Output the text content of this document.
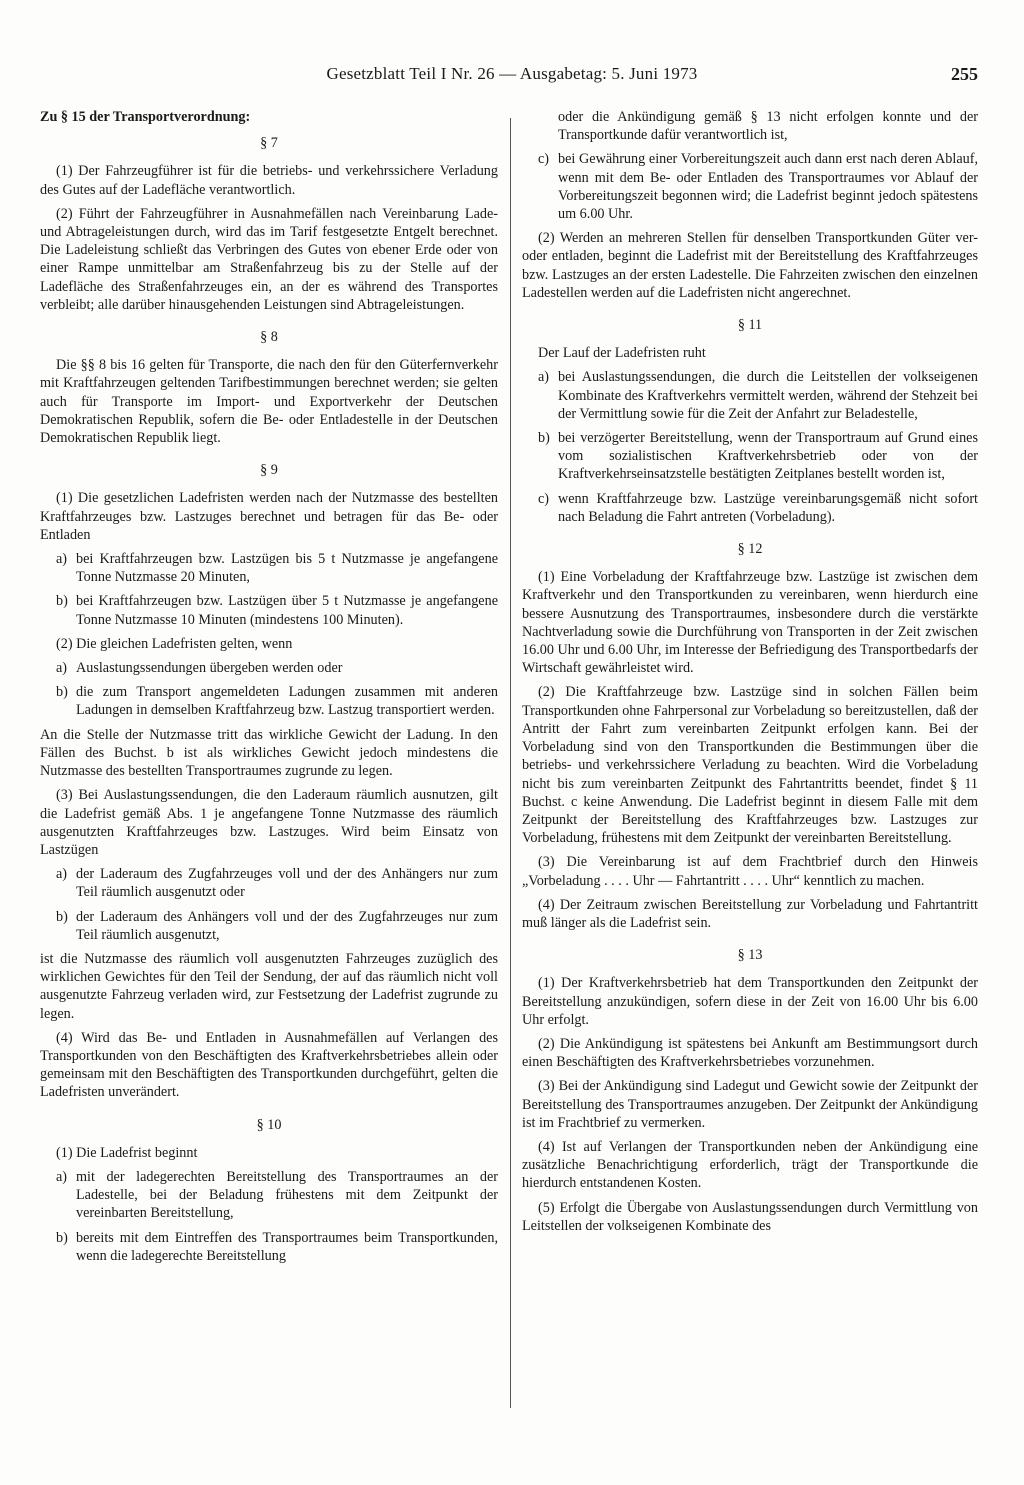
Gesetzblatt Teil I Nr. 26 — Ausgabetag: 5. Juni 1973	255

Zu § 15 der Transportverordnung:

§ 7

(1) Der Fahrzeugführer ist für die betriebs- und verkehrssichere Verladung des Gutes auf der Ladefläche verantwortlich.

(2) Führt der Fahrzeugführer in Ausnahmefällen nach Vereinbarung Lade- und Abtrageleistungen durch, wird das im Tarif festgesetzte Entgelt berechnet. Die Ladeleistung schließt das Verbringen des Gutes von ebener Erde oder von einer Rampe unmittelbar am Straßenfahrzeug bis zu der Stelle auf der Ladefläche des Straßenfahrzeuges ein, an der es während des Transportes verbleibt; alle darüber hinausgehenden Leistungen sind Abtrageleistungen.

§ 8

Die §§ 8 bis 16 gelten für Transporte, die nach den für den Güterfernverkehr mit Kraftfahrzeugen geltenden Tarifbestimmungen berechnet werden; sie gelten auch für Transporte im Import- und Exportverkehr der Deutschen Demokratischen Republik, sofern die Be- oder Entladestelle in der Deutschen Demokratischen Republik liegt.

§ 9

(1) Die gesetzlichen Ladefristen werden nach der Nutzmasse des bestellten Kraftfahrzeuges bzw. Lastzuges berechnet und betragen für das Be- oder Entladen

a) bei Kraftfahrzeugen bzw. Lastzügen bis 5 t Nutzmasse je angefangene Tonne Nutzmasse 20 Minuten,
b) bei Kraftfahrzeugen bzw. Lastzügen über 5 t Nutzmasse je angefangene Tonne Nutzmasse 10 Minuten (mindestens 100 Minuten).

(2) Die gleichen Ladefristen gelten, wenn

a) Auslastungssendungen übergeben werden oder
b) die zum Transport angemeldeten Ladungen zusammen mit anderen Ladungen in demselben Kraftfahrzeug bzw. Lastzug transportiert werden.

An die Stelle der Nutzmasse tritt das wirkliche Gewicht der Ladung. In den Fällen des Buchst. b ist als wirkliches Gewicht jedoch mindestens die Nutzmasse des bestellten Transportraumes zugrunde zu legen.

(3) Bei Auslastungssendungen, die den Laderaum räumlich ausnutzen, gilt die Ladefrist gemäß Abs. 1 je angefangene Tonne Nutzmasse des räumlich ausgenutzten Kraftfahrzeuges bzw. Lastzuges. Wird beim Einsatz von Lastzügen

a) der Laderaum des Zugfahrzeuges voll und der des Anhängers nur zum Teil räumlich ausgenutzt oder
b) der Laderaum des Anhängers voll und der des Zugfahrzeuges nur zum Teil räumlich ausgenutzt,

ist die Nutzmasse des räumlich voll ausgenutzten Fahrzeuges zuzüglich des wirklichen Gewichtes für den Teil der Sendung, der auf das räumlich nicht voll ausgenutzte Fahrzeug verladen wird, zur Festsetzung der Ladefrist zugrunde zu legen.

(4) Wird das Be- und Entladen in Ausnahmefällen auf Verlangen des Transportkunden von den Beschäftigten des Kraftverkehrsbetriebes allein oder gemeinsam mit den Beschäftigten des Transportkunden durchgeführt, gelten die Ladefristen unverändert.

§ 10

(1) Die Ladefrist beginnt

a) mit der ladegerechten Bereitstellung des Transportraumes an der Ladestelle, bei der Beladung frühestens mit dem Zeitpunkt der vereinbarten Bereitstellung,
b) bereits mit dem Eintreffen des Transportraumes beim Transportkunden, wenn die ladegerechte Bereitstellung
oder die Ankündigung gemäß § 13 nicht erfolgen konnte und der Transportkunde dafür verantwortlich ist,
c) bei Gewährung einer Vorbereitungszeit auch dann erst nach deren Ablauf, wenn mit dem Be- oder Entladen des Transportraumes vor Ablauf der Vorbereitungszeit begonnen wird; die Ladefrist beginnt jedoch spätestens um 6.00 Uhr.

(2) Werden an mehreren Stellen für denselben Transportkunden Güter ver- oder entladen, beginnt die Ladefrist mit der Bereitstellung des Kraftfahrzeuges bzw. Lastzuges an der ersten Ladestelle. Die Fahrzeiten zwischen den einzelnen Ladestellen werden auf die Ladefristen nicht angerechnet.

§ 11

Der Lauf der Ladefristen ruht

a) bei Auslastungssendungen, die durch die Leitstellen der volkseigenen Kombinate des Kraftverkehrs vermittelt werden, während der Stehzeit bei der Vermittlung sowie für die Zeit der Anfahrt zur Beladestelle,
b) bei verzögerter Bereitstellung, wenn der Transportraum auf Grund eines vom sozialistischen Kraftverkehrsbetrieb oder von der Kraftverkehrseinsatzstelle bestätigten Zeitplanes bestellt worden ist,
c) wenn Kraftfahrzeuge bzw. Lastzüge vereinbarungsgemäß nicht sofort nach Beladung die Fahrt antreten (Vorbeladung).

§ 12

(1) Eine Vorbeladung der Kraftfahrzeuge bzw. Lastzüge ist zwischen dem Kraftverkehr und den Transportkunden zu vereinbaren, wenn hierdurch eine bessere Ausnutzung des Transportraumes, insbesondere durch die verstärkte Nachtverladung sowie die Durchführung von Transporten in der Zeit zwischen 16.00 Uhr und 6.00 Uhr, im Interesse der Befriedigung des Transportbedarfs der Wirtschaft gewährleistet wird.

(2) Die Kraftfahrzeuge bzw. Lastzüge sind in solchen Fällen beim Transportkunden ohne Fahrpersonal zur Vorbeladung so bereitzustellen, daß der Antritt der Fahrt zum vereinbarten Zeitpunkt erfolgen kann. Bei der Vorbeladung sind von den Transportkunden die Bestimmungen über die betriebs- und verkehrssichere Verladung zu beachten. Wird die Vorbeladung nicht bis zum vereinbarten Zeitpunkt des Fahrtantritts beendet, findet § 11 Buchst. c keine Anwendung. Die Ladefrist beginnt in diesem Falle mit dem Zeitpunkt der Bereitstellung des Kraftfahrzeuges bzw. Lastzuges zur Vorbeladung, frühestens mit dem Zeitpunkt der vereinbarten Bereitstellung.

(3) Die Vereinbarung ist auf dem Frachtbrief durch den Hinweis „Vorbeladung . . . . Uhr — Fahrtantritt . . . . Uhr“ kenntlich zu machen.

(4) Der Zeitraum zwischen Bereitstellung zur Vorbeladung und Fahrtantritt muß länger als die Ladefrist sein.

§ 13

(1) Der Kraftverkehrsbetrieb hat dem Transportkunden den Zeitpunkt der Bereitstellung anzukündigen, sofern diese in der Zeit von 16.00 Uhr bis 6.00 Uhr erfolgt.

(2) Die Ankündigung ist spätestens bei Ankunft am Bestimmungsort durch einen Beschäftigten des Kraftverkehrsbetriebes vorzunehmen.

(3) Bei der Ankündigung sind Ladegut und Gewicht sowie der Zeitpunkt der Bereitstellung des Transportraumes anzugeben. Der Zeitpunkt der Ankündigung ist im Frachtbrief zu vermerken.

(4) Ist auf Verlangen der Transportkunden neben der Ankündigung eine zusätzliche Benachrichtigung erforderlich, trägt der Transportkunde die hierdurch entstandenen Kosten.

(5) Erfolgt die Übergabe von Auslastungssendungen durch Vermittlung von Leitstellen der volkseigenen Kombinate des
